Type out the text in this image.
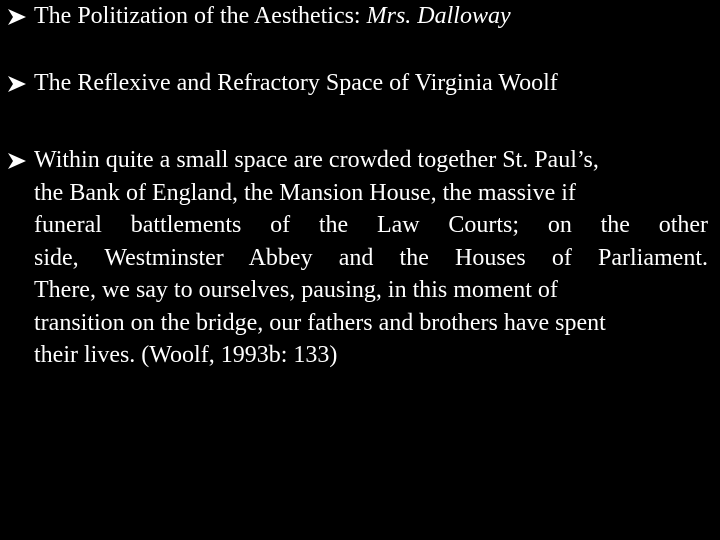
The Politization of the Aesthetics: Mrs. Dalloway
The Reflexive and Refractory Space of Virginia Woolf
Within quite a small space are crowded together St. Paul’s,
the Bank of England, the Mansion House, the massive if
funeral battlements of the Law Courts; on the other
side, Westminster Abbey and the Houses of Parliament.
There, we say to ourselves, pausing, in this moment of
transition on the bridge, our fathers and brothers have spent
their lives. (Woolf, 1993b: 133)
